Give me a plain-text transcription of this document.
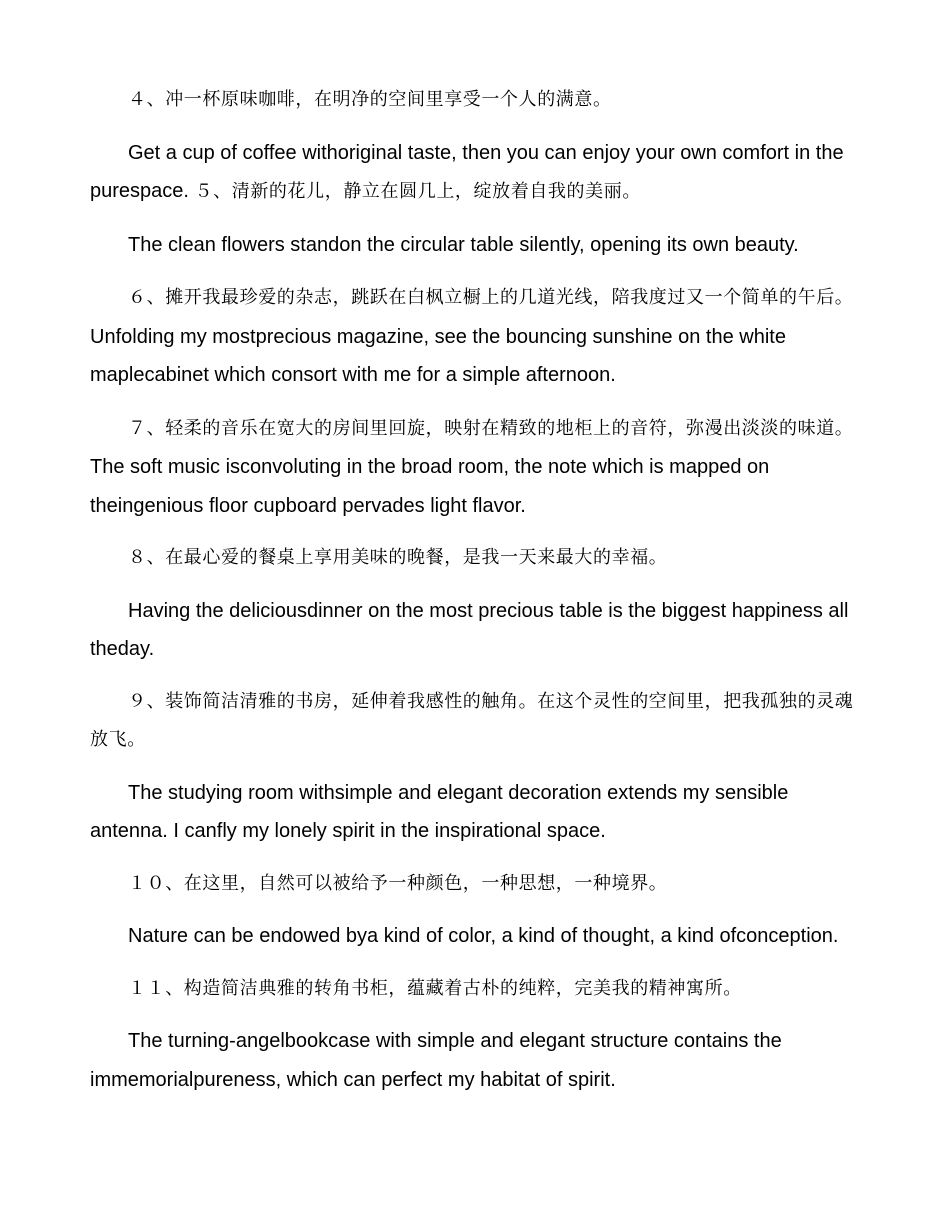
４、冲一杯原味咖啡，在明净的空间里享受一个人的满意。

Get a cup of coffee withoriginal taste, then you can enjoy your own comfort in the purespace. ５、清新的花儿，静立在圆几上，绽放着自我的美丽。

The clean flowers standon the circular table silently, opening its own beauty.

６、摊开我最珍爱的杂志，跳跃在白枫立橱上的几道光线，陪我度过又一个简单的午后。 Unfolding my mostprecious magazine, see the bouncing sunshine on the white maplecabinet which consort with me for a simple afternoon.

７、轻柔的音乐在宽大的房间里回旋，映射在精致的地柜上的音符，弥漫出淡淡的味道。 The soft music isconvoluting in the broad room, the note which is mapped on theingenious floor cupboard pervades light flavor.

８、在最心爱的餐桌上享用美味的晚餐，是我一天来最大的幸福。

Having the deliciousdinner on the most precious table is the biggest happiness all theday.

９、装饰简洁清雅的书房，延伸着我感性的触角。在这个灵性的空间里，把我孤独的灵魂放飞。

The studying room withsimple and elegant decoration extends my sensible antenna. I canfly my lonely spirit in the inspirational space.

１０、在这里，自然可以被给予一种颜色，一种思想，一种境界。

Nature can be endowed bya kind of color, a kind of thought, a kind ofconception.

１１、构造简洁典雅的转角书柜，蕴藏着古朴的纯粹，完美我的精神寓所。

The turning-angelbookcase with simple and elegant structure contains the immemorialpureness, which can perfect my habitat of spirit.
